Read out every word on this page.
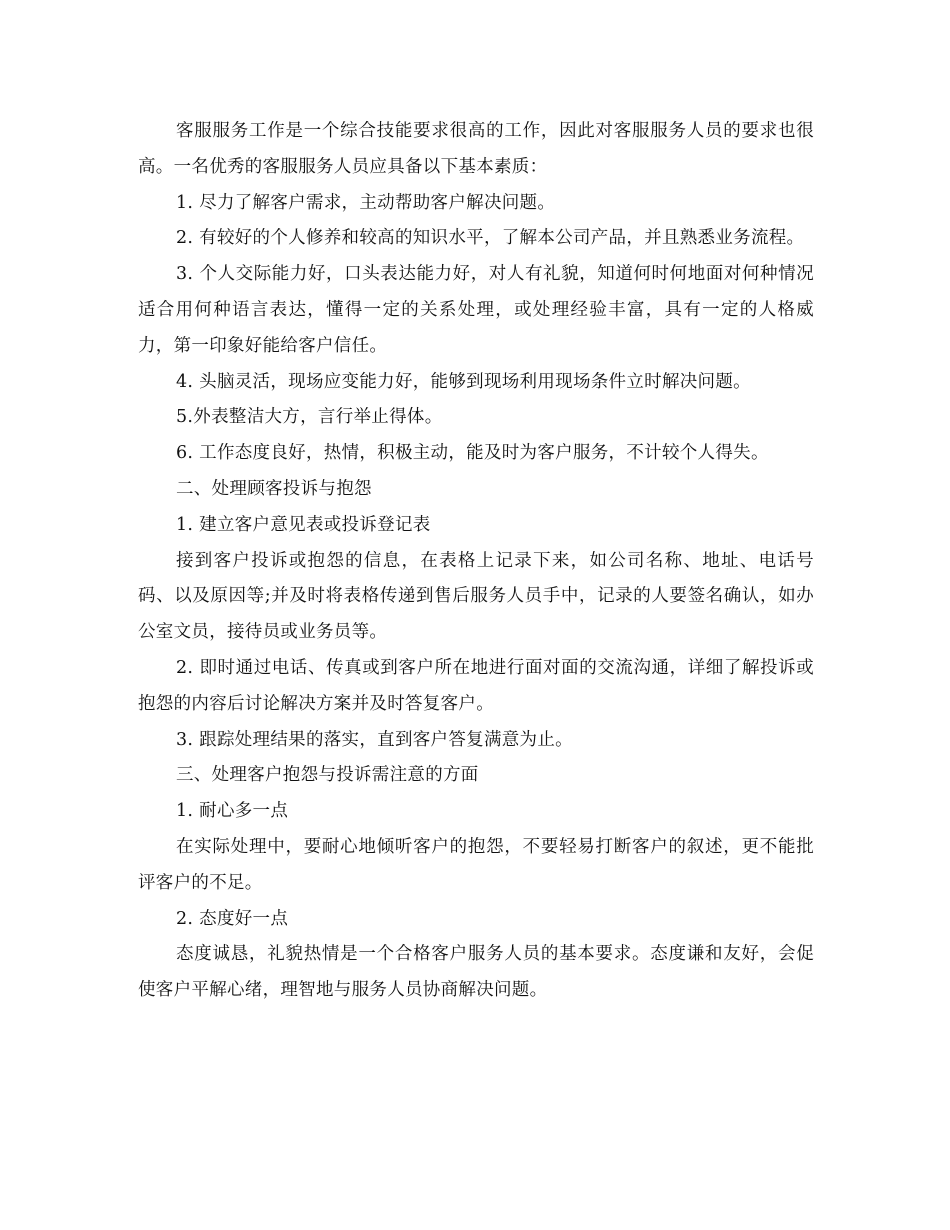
客服服务工作是一个综合技能要求很高的工作，因此对客服服务人员的要求也很高。一名优秀的客服服务人员应具备以下基本素质：

1. 尽力了解客户需求，主动帮助客户解决问题。

2. 有较好的个人修养和较高的知识水平，了解本公司产品，并且熟悉业务流程。

3. 个人交际能力好，口头表达能力好，对人有礼貌，知道何时何地面对何种情况适合用何种语言表达，懂得一定的关系处理，或处理经验丰富，具有一定的人格威力，第一印象好能给客户信任。

4. 头脑灵活，现场应变能力好，能够到现场利用现场条件立时解决问题。

5.外表整洁大方，言行举止得体。

6. 工作态度良好，热情，积极主动，能及时为客户服务，不计较个人得失。

二、处理顾客投诉与抱怨

1. 建立客户意见表或投诉登记表

接到客户投诉或抱怨的信息，在表格上记录下来，如公司名称、地址、电话号码、以及原因等;并及时将表格传递到售后服务人员手中，记录的人要签名确认，如办公室文员，接待员或业务员等。

2. 即时通过电话、传真或到客户所在地进行面对面的交流沟通，详细了解投诉或抱怨的内容后讨论解决方案并及时答复客户。

3. 跟踪处理结果的落实，直到客户答复满意为止。

三、处理客户抱怨与投诉需注意的方面

1. 耐心多一点

在实际处理中，要耐心地倾听客户的抱怨，不要轻易打断客户的叙述，更不能批评客户的不足。

2. 态度好一点

态度诚恳，礼貌热情是一个合格客户服务人员的基本要求。态度谦和友好，会促使客户平解心绪，理智地与服务人员协商解决问题。
